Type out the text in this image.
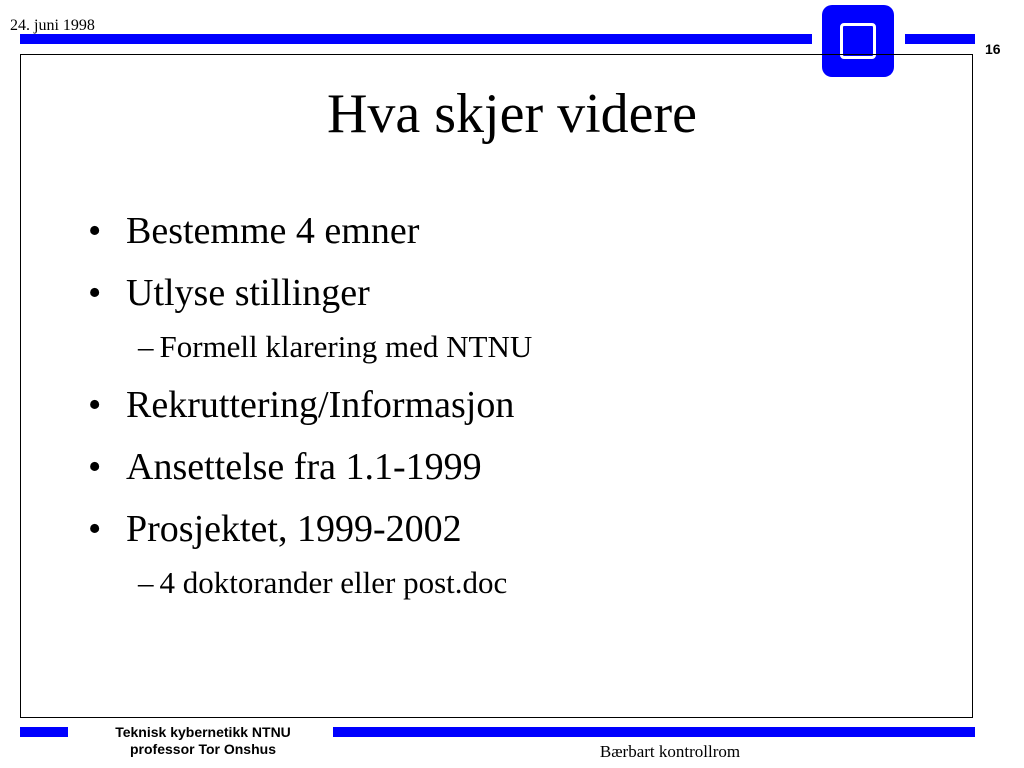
24. juni 1998
16
Hva skjer videre
• Bestemme 4 emner
• Utlyse stillinger
– Formell klarering med NTNU
• Rekruttering/Informasjon
• Ansettelse fra 1.1-1999
• Prosjektet, 1999-2002
– 4 doktorander eller post.doc
Teknisk kybernetikk NTNU
professor Tor Onshus	Bærbart kontrollrom
